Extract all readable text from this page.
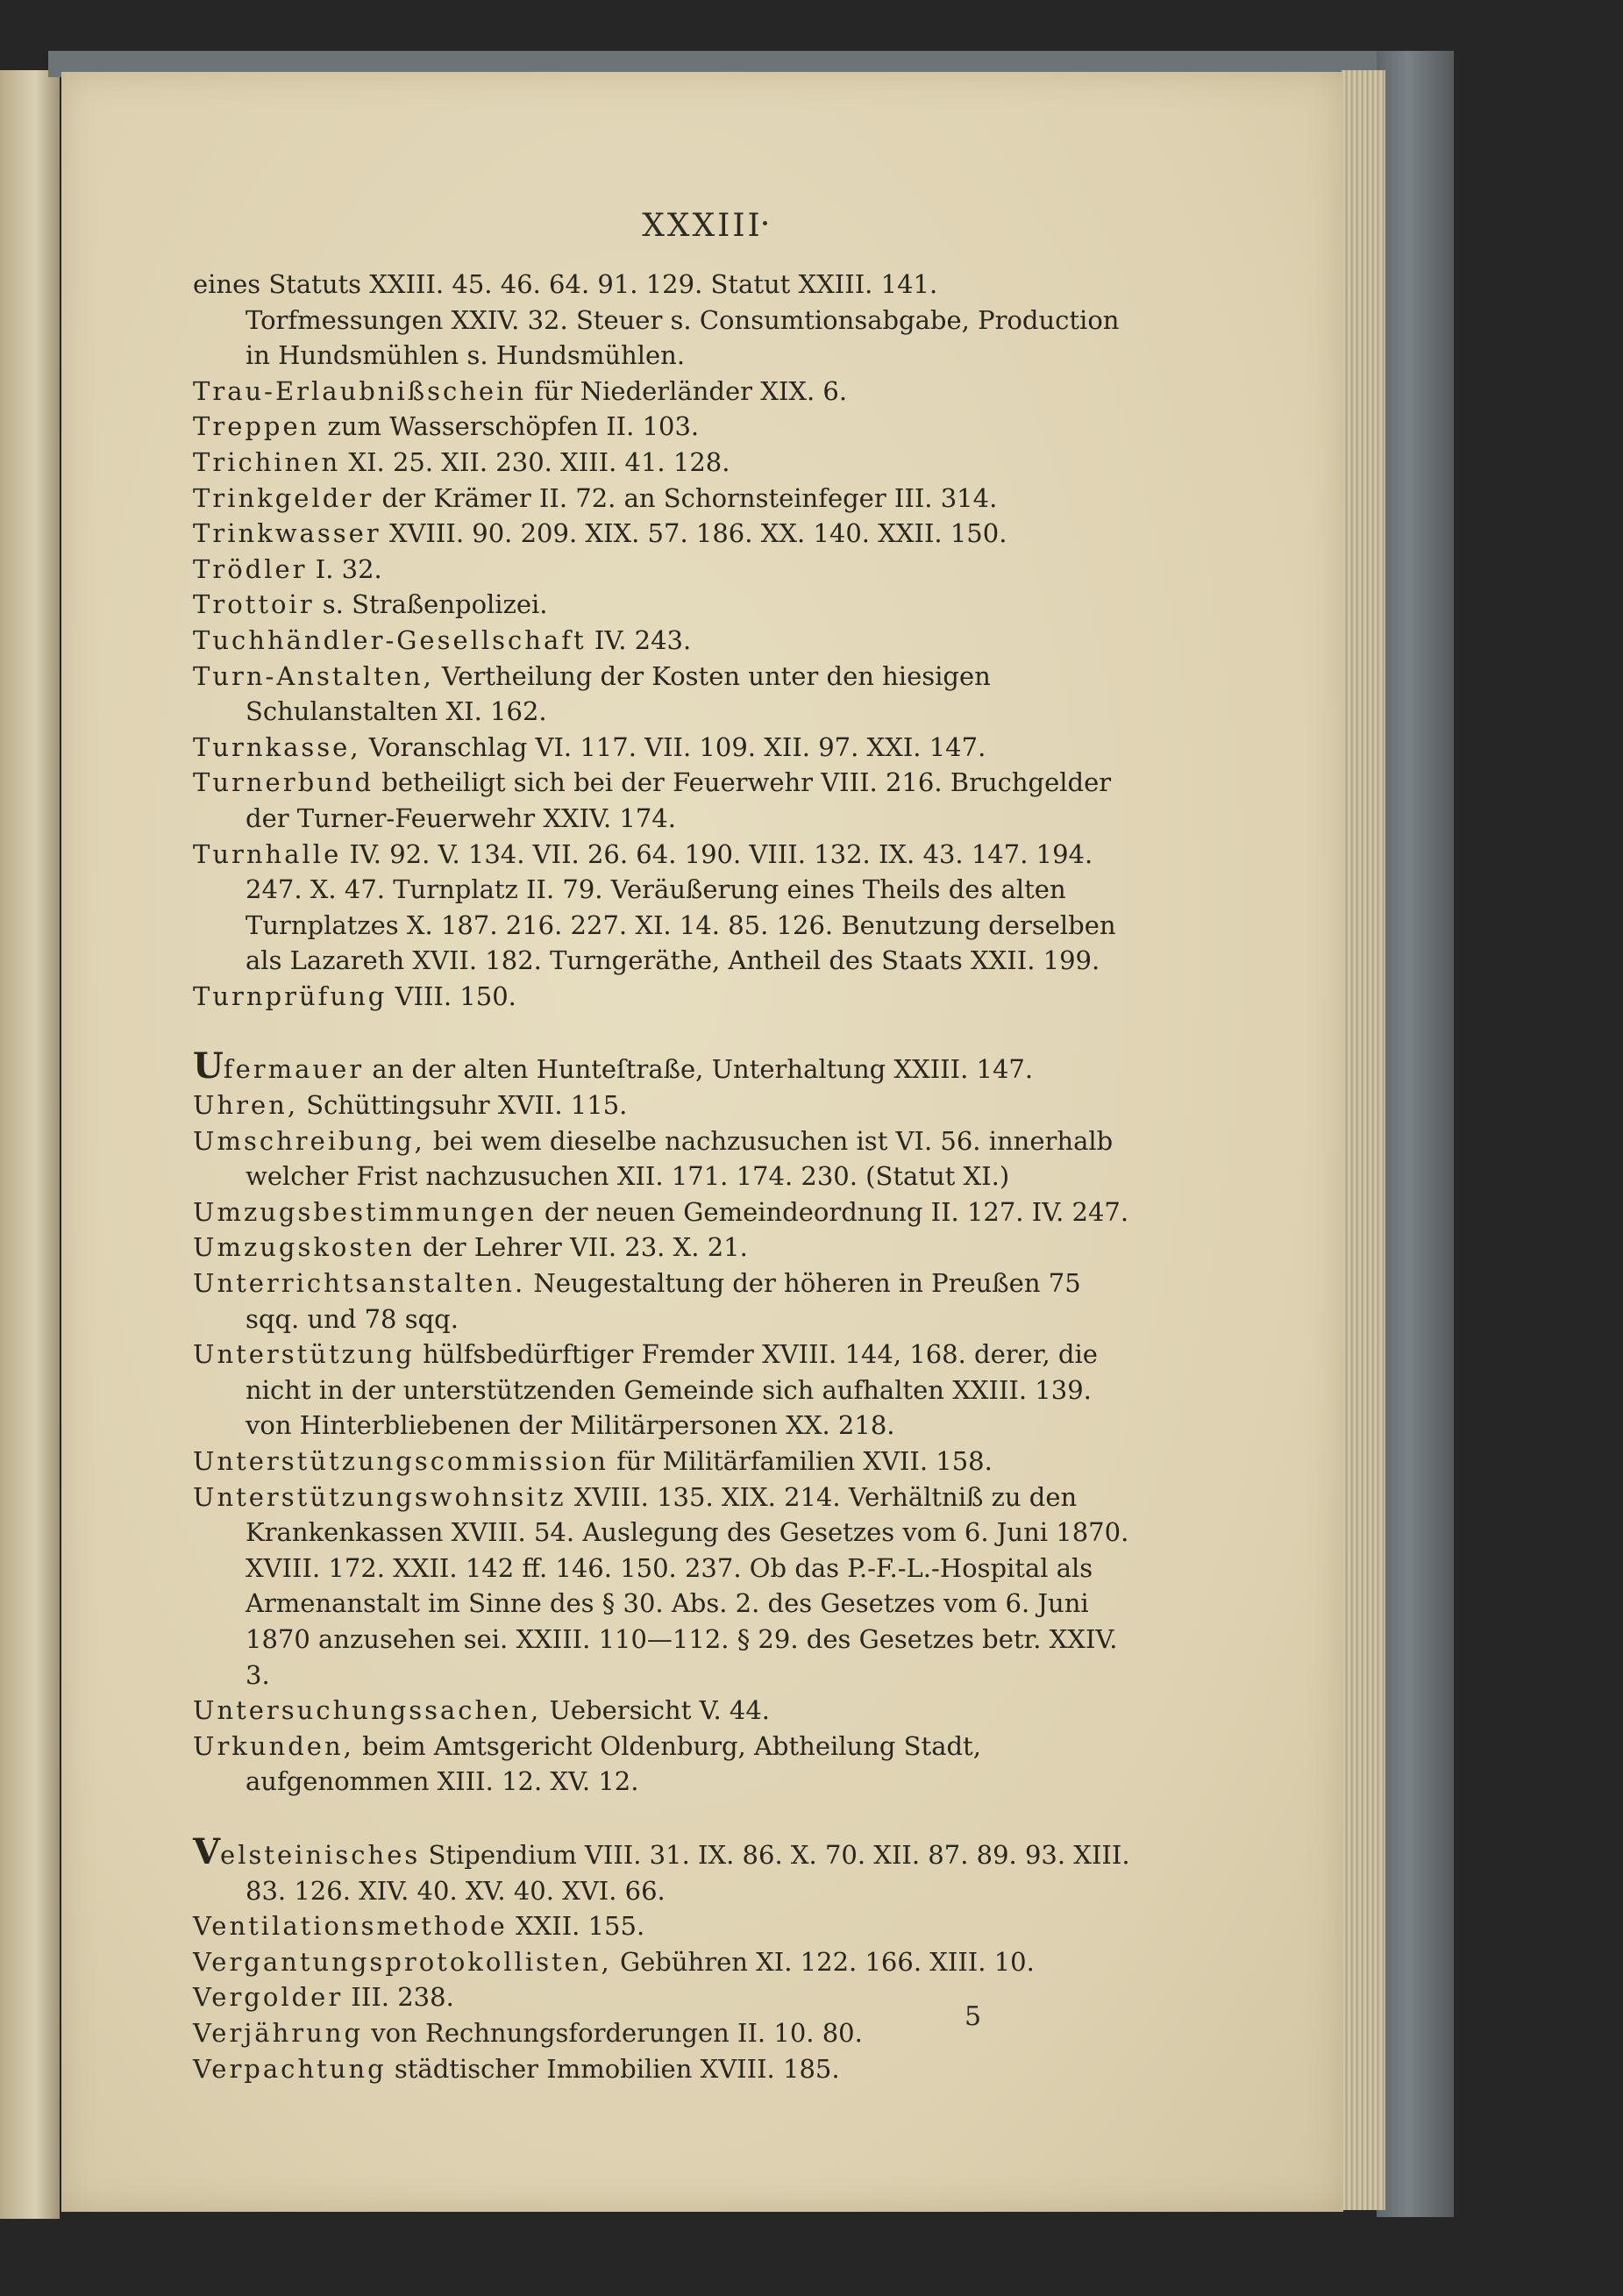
XXXIII

eines Statuts XXIII. 45. 46. 64. 91. 129. Statut XXIII. 141. Torfmessungen XXIV. 32. Steuer s. Consumtionsabgabe, Production in Hundsmühlen s. Hundsmühlen.

Trau-Erlaubnißschein für Niederländer XIX. 6.

Treppen zum Wasserschöpfen II. 103.

Trichinen XI. 25. XII. 230. XIII. 41. 128.

Trinkgelder der Krämer II. 72. an Schornsteinfeger III. 314.

Trinkwasser XVIII. 90. 209. XIX. 57. 186. XX. 140. XXII. 150.

Trödler I. 32.

Trottoir s. Straßenpolizei.

Tuchhändler-Gesellschaft IV. 243.

Turn-Anstalten, Vertheilung der Kosten unter den hiesigen Schulanstalten XI. 162.

Turnkasse, Voranschlag VI. 117. VII. 109. XII. 97. XXI. 147.

Turnerbund betheiligt sich bei der Feuerwehr VIII. 216. Bruchgelder der Turner-Feuerwehr XXIV. 174.

Turnhalle IV. 92. V. 134. VII. 26. 64. 190. VIII. 132. IX. 43. 147. 194. 247. X. 47. Turnplatz II. 79. Veräußerung eines Theils des alten Turnplatzes X. 187. 216. 227. XI. 14. 85. 126. Benutzung derselben als Lazareth XVII. 182. Turngeräthe, Antheil des Staats XXII. 199.

Turnprüfung VIII. 150.

Ufermauer an der alten Hunteſtraße, Unterhaltung XXIII. 147.

Uhren, Schüttingsuhr XVII. 115.

Umschreibung, bei wem dieselbe nachzusuchen ist VI. 56. innerhalb welcher Frist nachzusuchen XII. 171. 174. 230. (Statut XI.)

Umzugsbestimmungen der neuen Gemeindeordnung II. 127. IV. 247.

Umzugskosten der Lehrer VII. 23. X. 21.

Unterrichtsanstalten. Neugestaltung der höheren in Preußen 75 sqq. und 78 sqq.

Unterstützung hülfsbedürftiger Fremder XVIII. 144, 168. derer, die nicht in der unterstützenden Gemeinde sich aufhalten XXIII. 139. von Hinterbliebenen der Militärpersonen XX. 218.

Unterstützungscommission für Militärfamilien XVII. 158.

Unterstützungswohnsitz XVIII. 135. XIX. 214. Verhältniß zu den Krankenkassen XVIII. 54. Auslegung des Gesetzes vom 6. Juni 1870. XVIII. 172. XXII. 142 ff. 146. 150. 237. Ob das P.-F.-L.-Hospital als Armenanstalt im Sinne des § 30. Abs. 2. des Gesetzes vom 6. Juni 1870 anzusehen sei. XXIII. 110—112. § 29. des Gesetzes betr. XXIV. 3.

Untersuchungssachen, Uebersicht V. 44.

Urkunden, beim Amtsgericht Oldenburg, Abtheilung Stadt, aufgenommen XIII. 12. XV. 12.

Velsteinisches Stipendium VIII. 31. IX. 86. X. 70. XII. 87. 89. 93. XIII. 83. 126. XIV. 40. XV. 40. XVI. 66.

Ventilationsmethode XXII. 155.

Vergantungsprotokollisten, Gebühren XI. 122. 166. XIII. 10.

Vergolder III. 238.

Verjährung von Rechnungsforderungen II. 10. 80.

Verpachtung städtischer Immobilien XVIII. 185.

5
